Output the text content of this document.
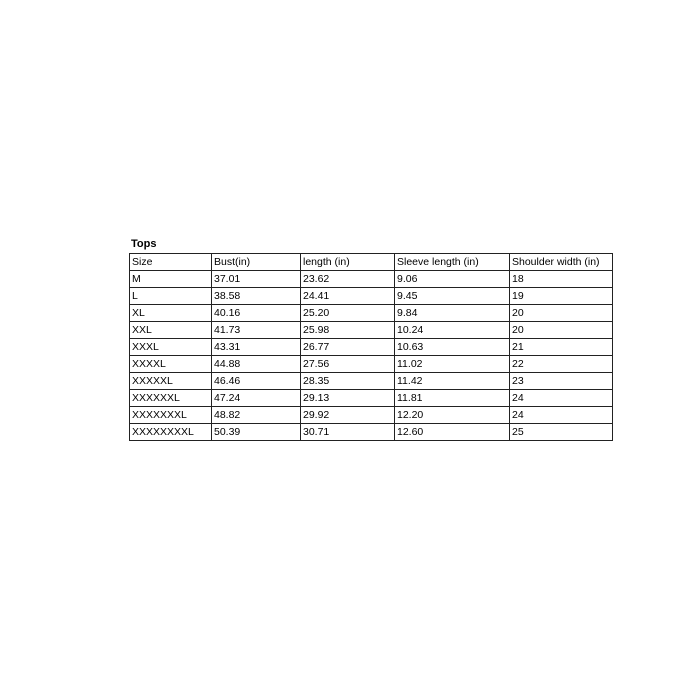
Tops
Size	Bust(in)	length (in)	Sleeve length (in)	Shoulder width (in)
M	37.01	23.62	9.06	18
L	38.58	24.41	9.45	19
XL	40.16	25.20	9.84	20
XXL	41.73	25.98	10.24	20
XXXL	43.31	26.77	10.63	21
XXXXL	44.88	27.56	11.02	22
XXXXXL	46.46	28.35	11.42	23
XXXXXXL	47.24	29.13	11.81	24
XXXXXXXL	48.82	29.92	12.20	24
XXXXXXXXL	50.39	30.71	12.60	25
